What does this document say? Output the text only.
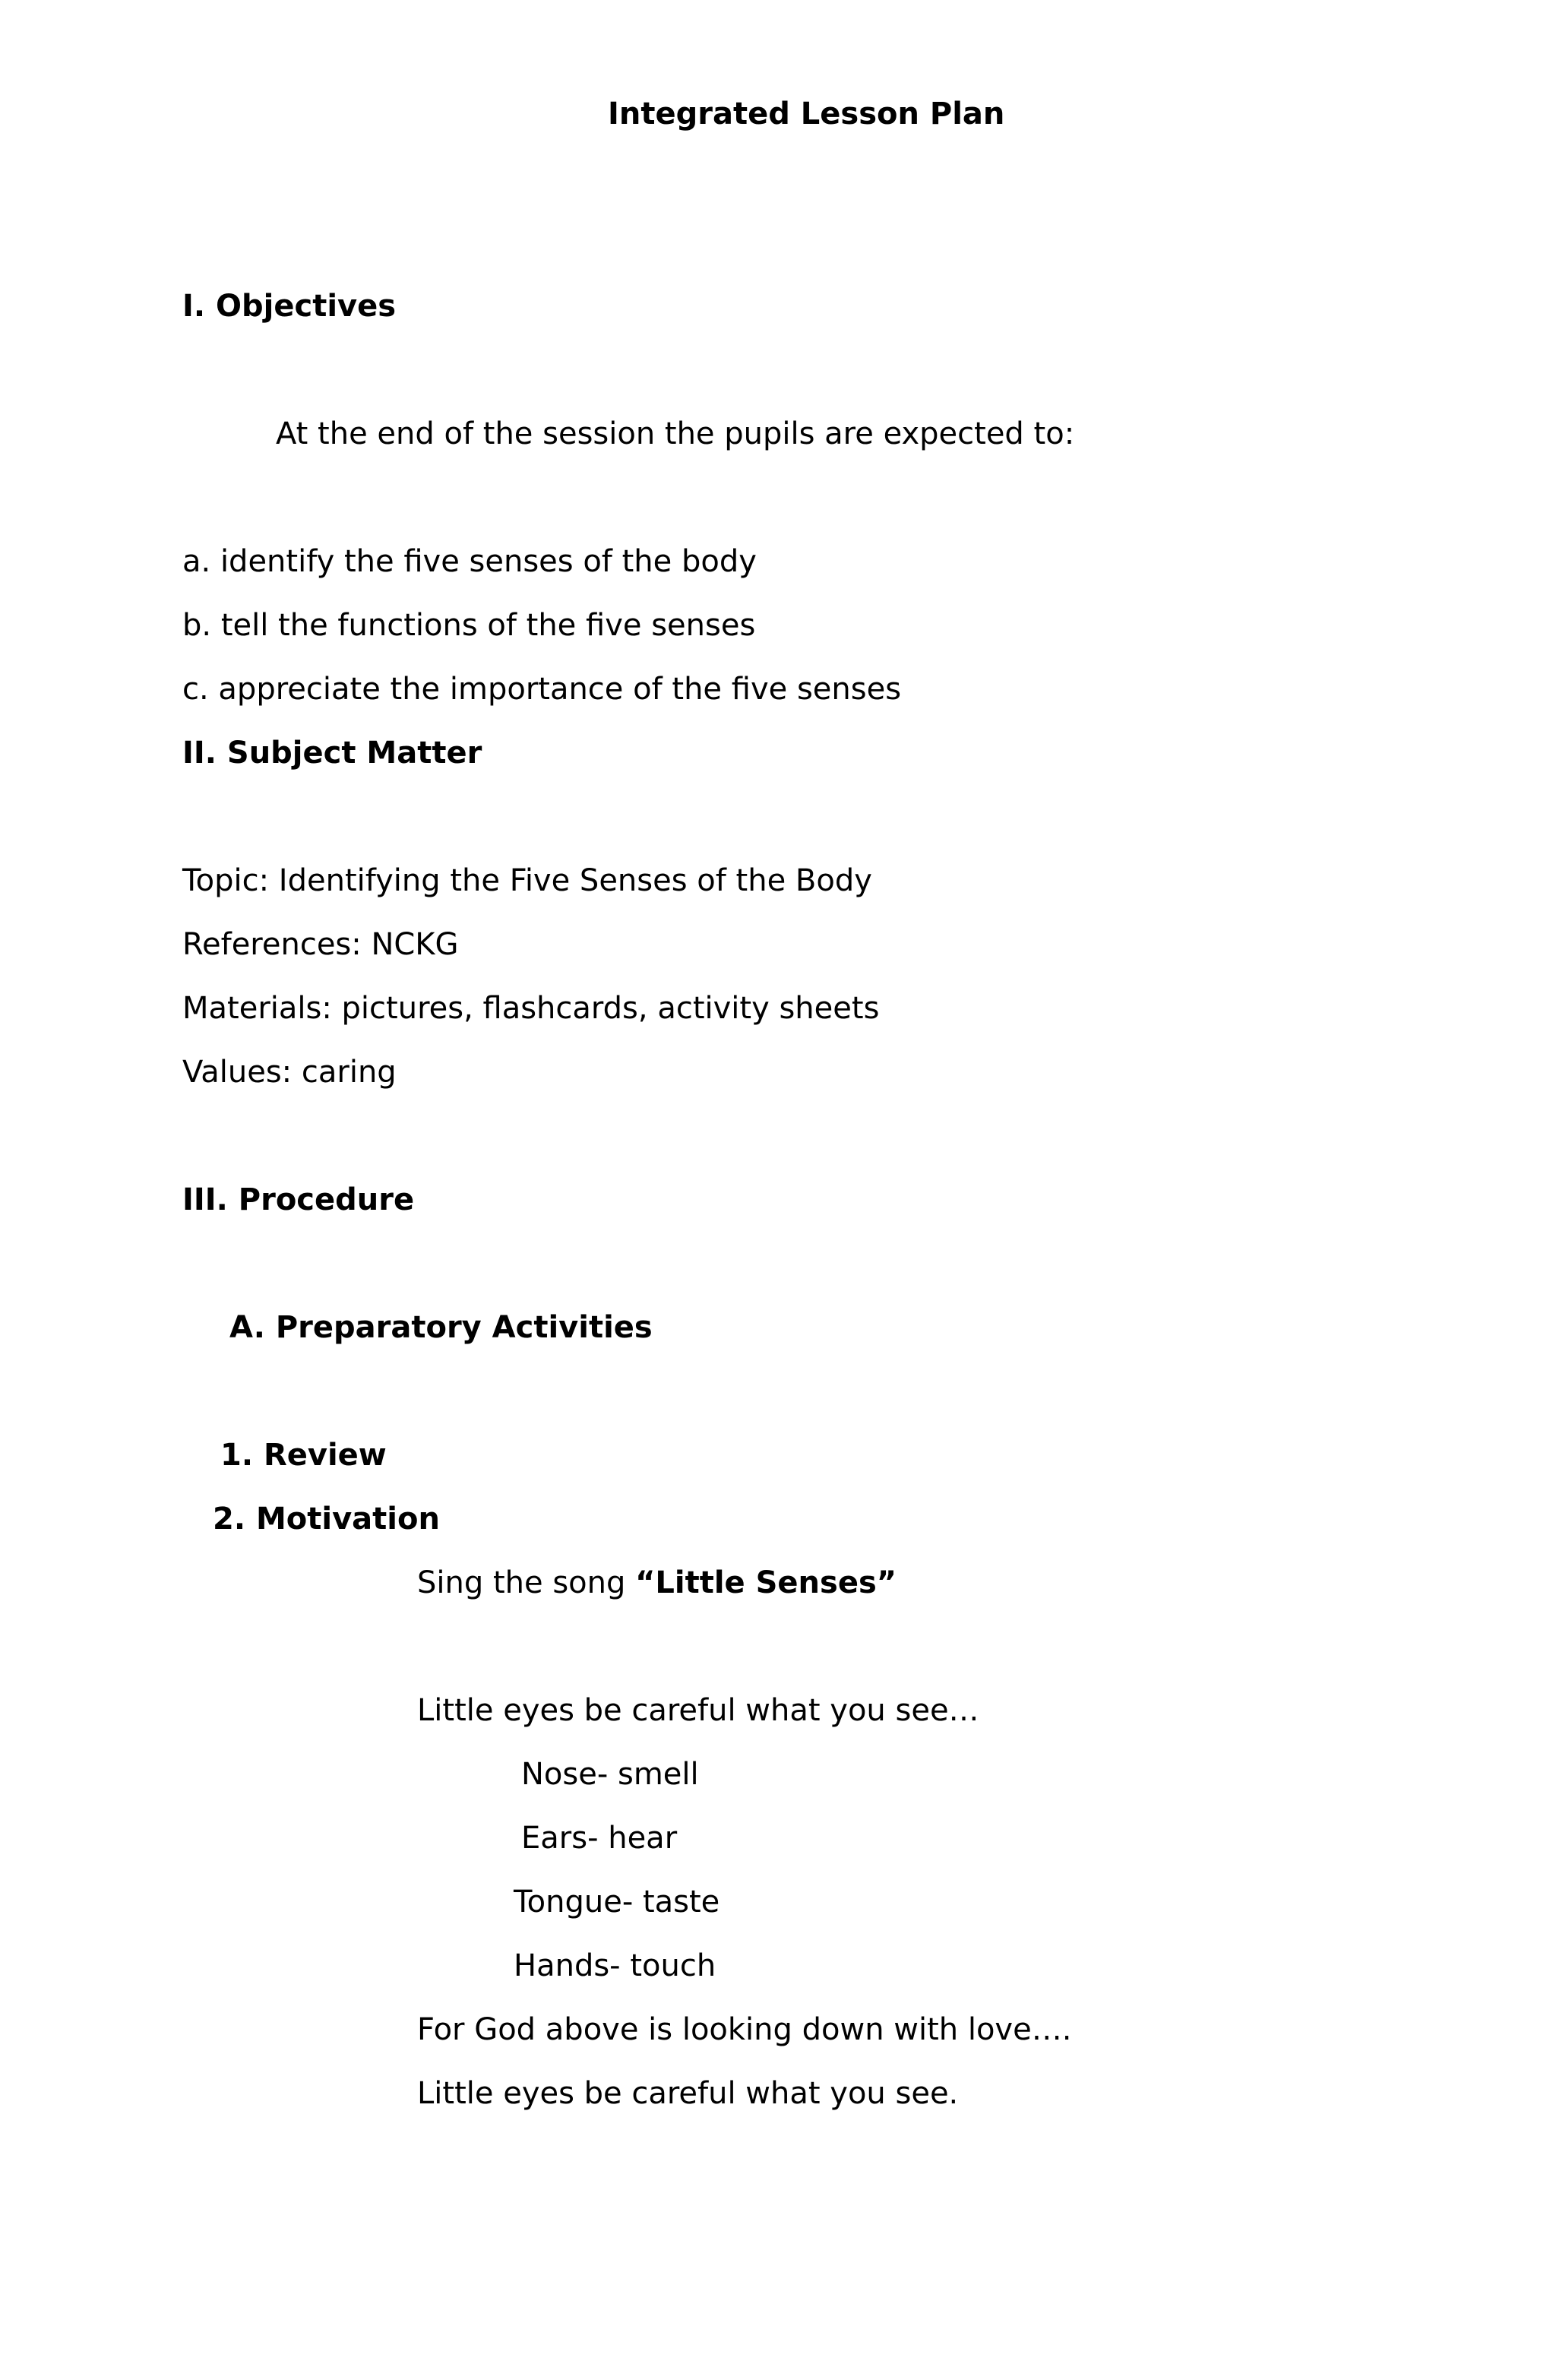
Integrated Lesson Plan

I. Objectives

At the end of the session the pupils are expected to:

a. identify the five senses of the body

b. tell the functions of the five senses

c. appreciate the importance of the five senses

II. Subject Matter

Topic: Identifying the Five Senses of the Body

References: NCKG

Materials: pictures, flashcards, activity sheets

Values: caring

III. Procedure

A. Preparatory Activities

1. Review

2. Motivation

Sing the song “Little Senses”

Little eyes be careful what you see…

Nose- smell

Ears- hear

Tongue- taste

Hands- touch

For God above is looking down with love….

Little eyes be careful what you see.
